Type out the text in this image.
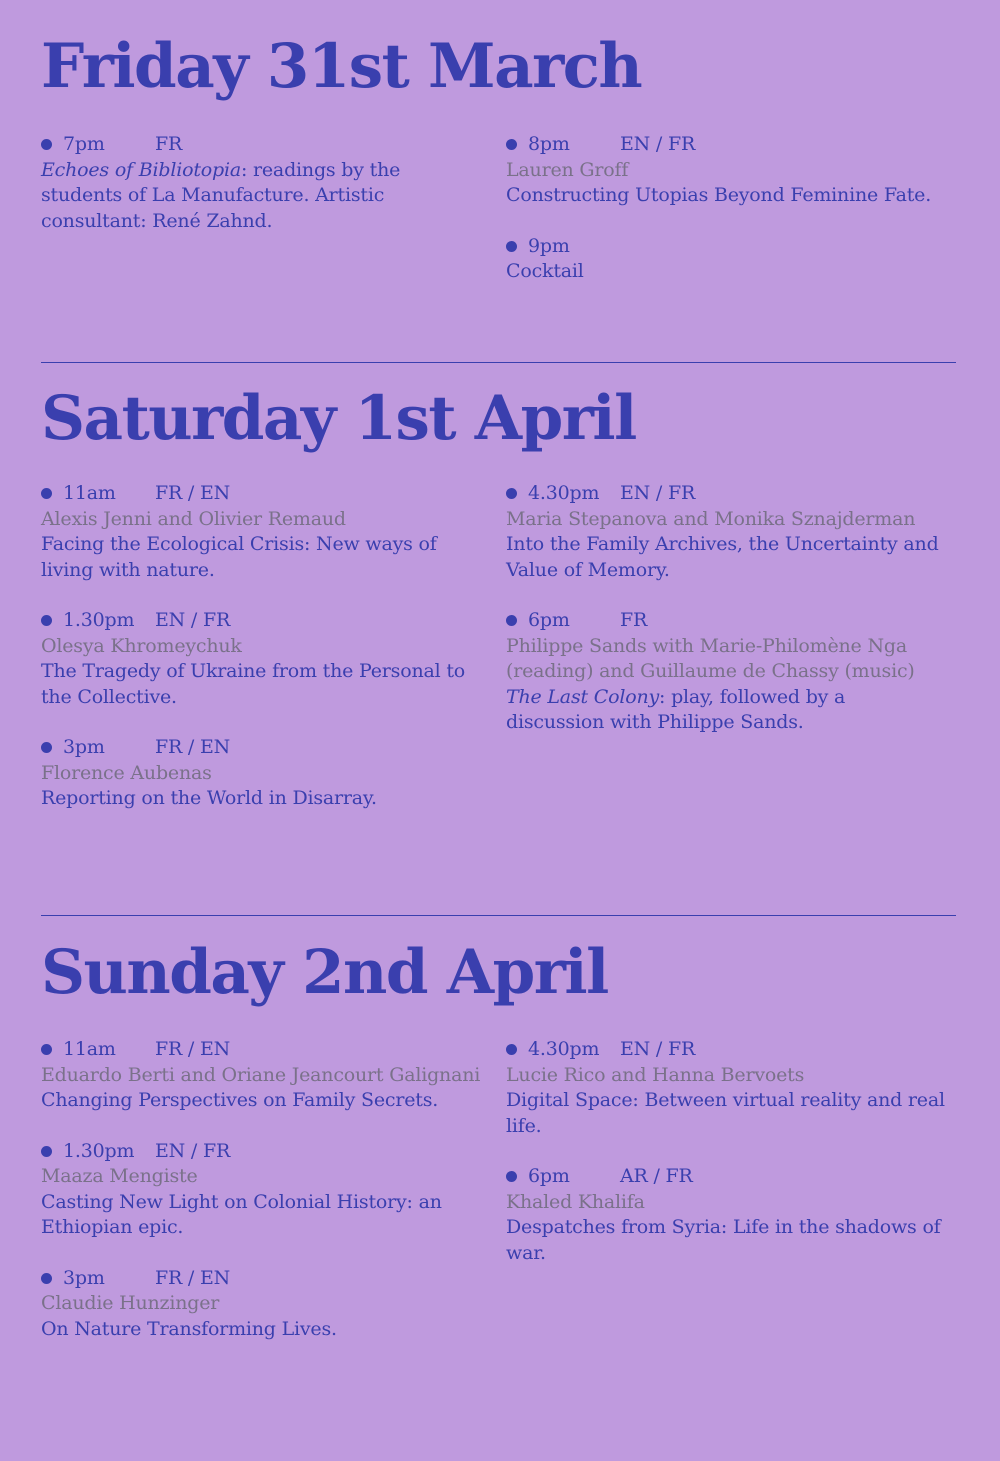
Friday 31st March
7pm	FR
Echoes of Bibliotopia: readings by the students of La Manufacture. Artistic consultant: René Zahnd.
8pm	EN / FR
Lauren Groff
Constructing Utopias Beyond Feminine Fate.
9pm
Cocktail
Saturday 1st April
11am	FR / EN
Alexis Jenni and Olivier Remaud
Facing the Ecological Crisis: New ways of living with nature.
1.30pm	EN / FR
Olesya Khromeychuk
The Tragedy of Ukraine from the Personal to the Collective.
3pm	FR / EN
Florence Aubenas
Reporting on the World in Disarray.
4.30pm	EN / FR
Maria Stepanova and Monika Sznajderman
Into the Family Archives, the Uncertainty and Value of Memory.
6pm	FR
Philippe Sands with Marie-Philomène Nga (reading) and Guillaume de Chassy (music)
The Last Colony: play, followed by a discussion with Philippe Sands.
Sunday 2nd April
11am	FR / EN
Eduardo Berti and Oriane Jeancourt Galignani
Changing Perspectives on Family Secrets.
1.30pm	EN / FR
Maaza Mengiste
Casting New Light on Colonial History: an Ethiopian epic.
3pm	FR / EN
Claudie Hunzinger
On Nature Transforming Lives.
4.30pm	EN / FR
Lucie Rico and Hanna Bervoets
Digital Space: Between virtual reality and real life.
6pm	AR / FR
Khaled Khalifa
Despatches from Syria: Life in the shadows of war.
